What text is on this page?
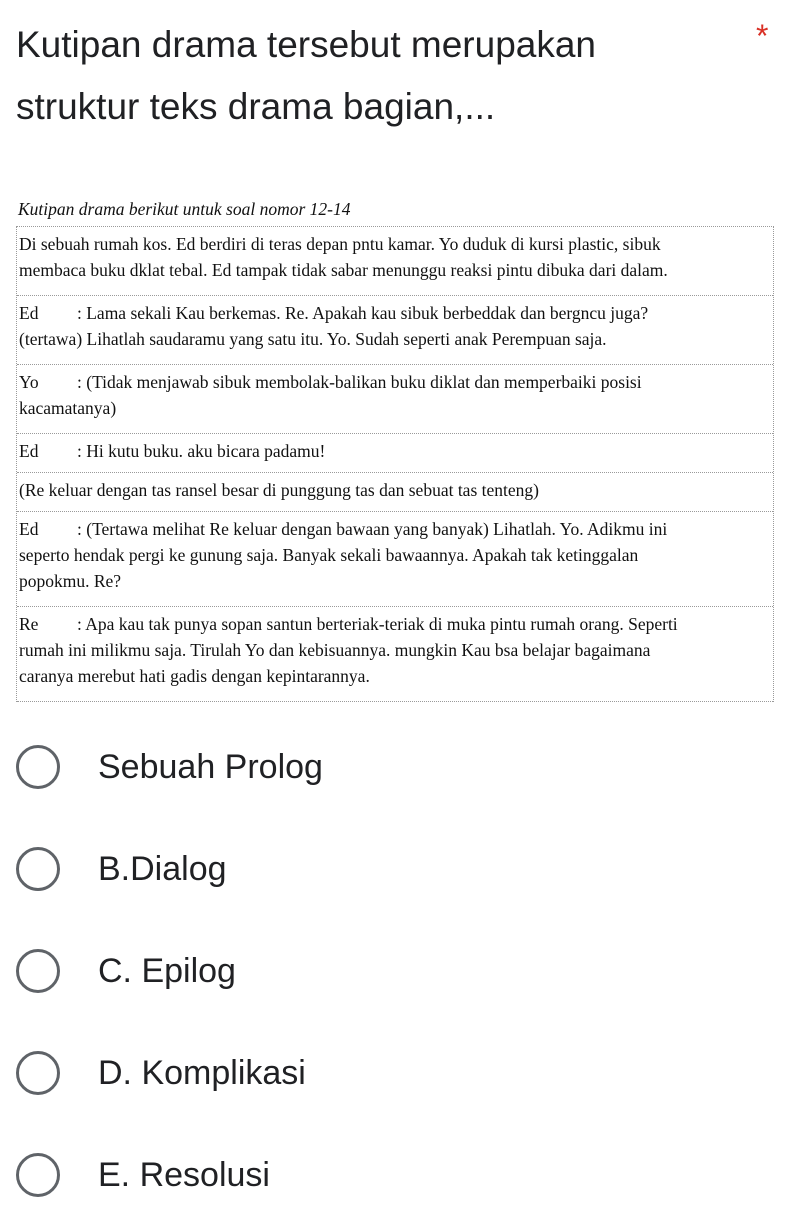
Kutipan drama tersebut merupakan

struktur teks drama bagian,...

*
Kutipan drama berikut untuk soal nomor 12-14
Di sebuah rumah kos. Ed berdiri di teras depan pntu kamar. Yo duduk di kursi plastic, sibuk
membaca buku dklat tebal. Ed tampak tidak sabar menunggu reaksi pintu dibuka dari dalam.
Ed : Lama sekali Kau berkemas. Re. Apakah kau sibuk berbeddak dan bergncu juga?
(tertawa) Lihatlah saudaramu yang satu itu. Yo. Sudah seperti anak Perempuan saja.
Yo : (Tidak menjawab sibuk membolak-balikan buku diklat dan memperbaiki posisi
kacamatanya)
Ed : Hi kutu buku. aku bicara padamu!
(Re keluar dengan tas ransel besar di punggung tas dan sebuat tas tenteng)
Ed : (Tertawa melihat Re keluar dengan bawaan yang banyak) Lihatlah. Yo. Adikmu ini
seperto hendak pergi ke gunung saja. Banyak sekali bawaannya. Apakah tak ketinggalan
popokmu. Re?
Re : Apa kau tak punya sopan santun berteriak-teriak di muka pintu rumah orang. Seperti
rumah ini milikmu saja. Tirulah Yo dan kebisuannya. mungkin Kau bsa belajar bagaimana
caranya merebut hati gadis dengan kepintarannya.
Sebuah Prolog
B.Dialog
C. Epilog
D. Komplikasi
E. Resolusi
